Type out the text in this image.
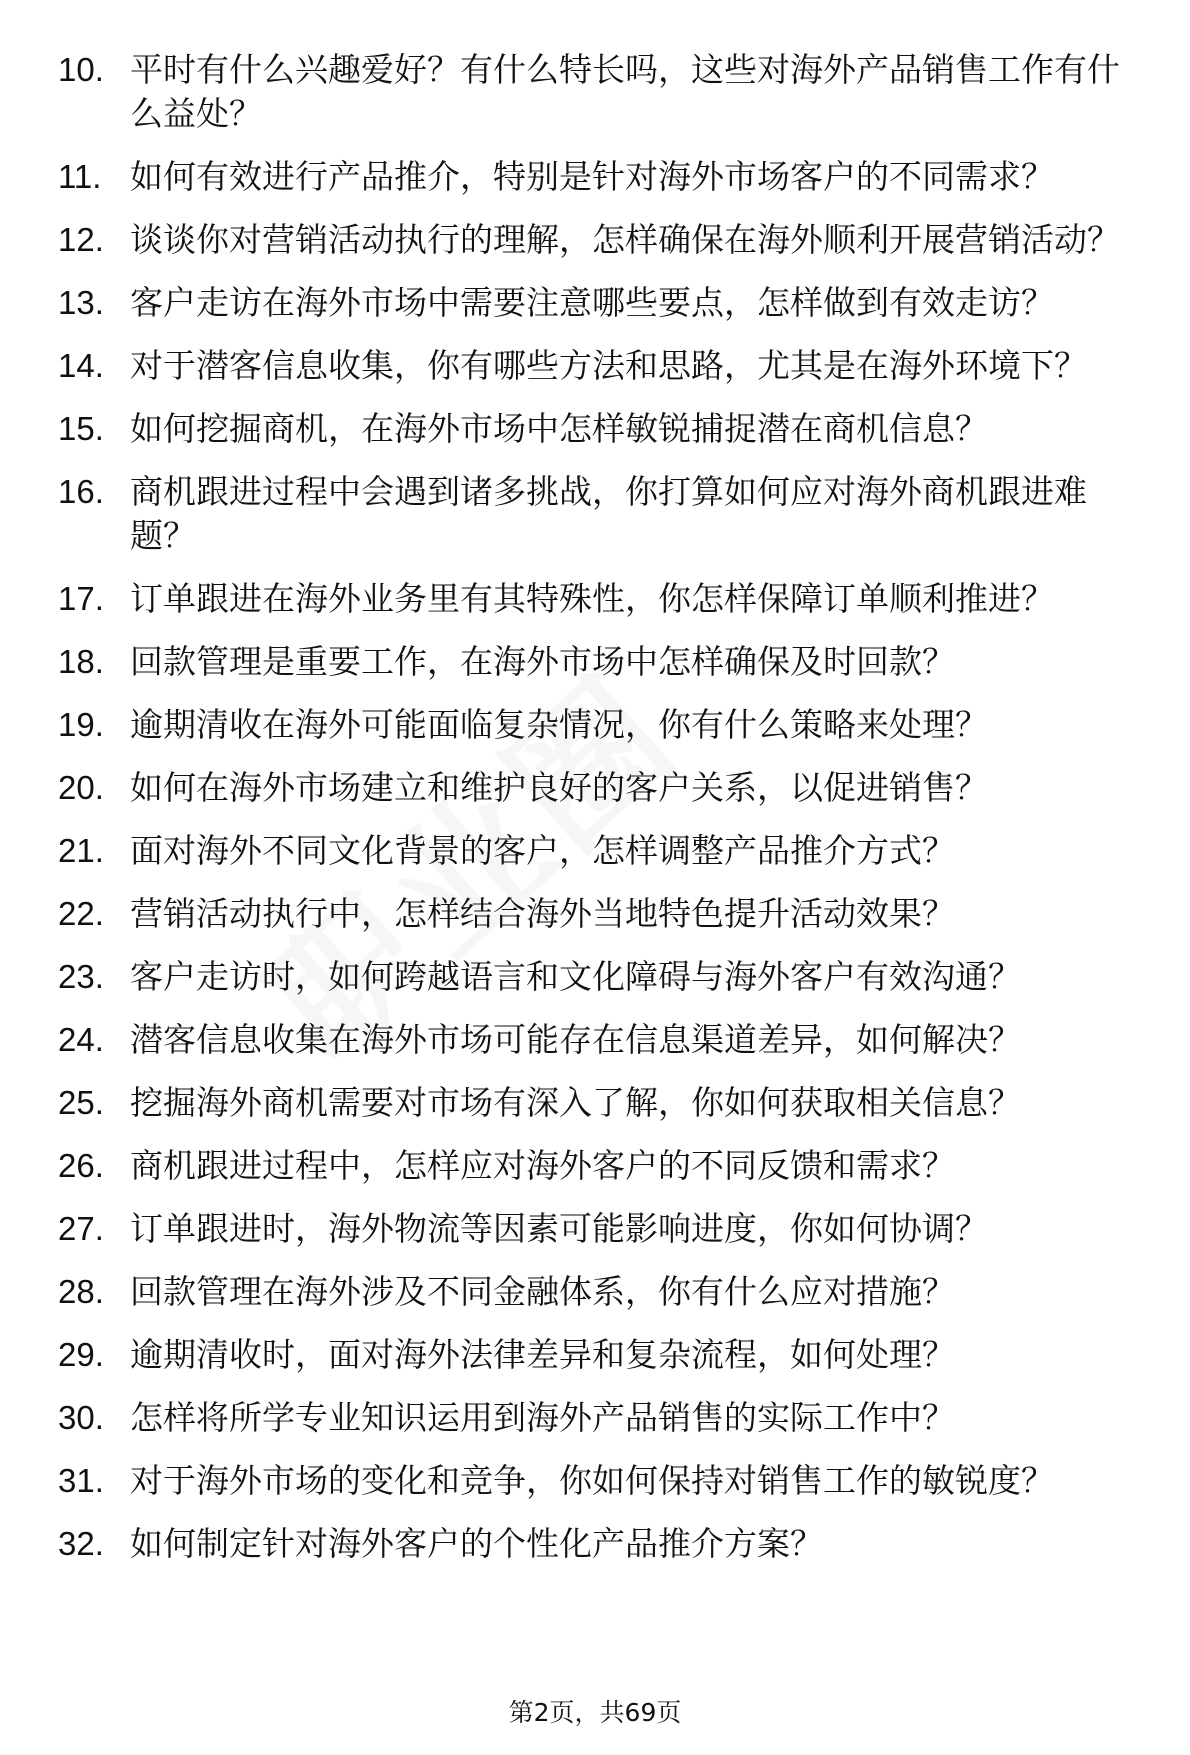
10. 平时有什么兴趣爱好？有什么特长吗，这些对海外产品销售工作有什么益处？
11. 如何有效进行产品推介，特别是针对海外市场客户的不同需求？
12. 谈谈你对营销活动执行的理解，怎样确保在海外顺利开展营销活动？
13. 客户走访在海外市场中需要注意哪些要点，怎样做到有效走访？
14. 对于潜客信息收集，你有哪些方法和思路，尤其是在海外环境下？
15. 如何挖掘商机，在海外市场中怎样敏锐捕捉潜在商机信息？
16. 商机跟进过程中会遇到诸多挑战，你打算如何应对海外商机跟进难题？
17. 订单跟进在海外业务里有其特殊性，你怎样保障订单顺利推进？
18. 回款管理是重要工作，在海外市场中怎样确保及时回款？
19. 逾期清收在海外可能面临复杂情况，你有什么策略来处理？
20. 如何在海外市场建立和维护良好的客户关系，以促进销售？
21. 面对海外不同文化背景的客户，怎样调整产品推介方式？
22. 营销活动执行中，怎样结合海外当地特色提升活动效果？
23. 客户走访时，如何跨越语言和文化障碍与海外客户有效沟通？
24. 潜客信息收集在海外市场可能存在信息渠道差异，如何解决？
25. 挖掘海外商机需要对市场有深入了解，你如何获取相关信息？
26. 商机跟进过程中，怎样应对海外客户的不同反馈和需求？
27. 订单跟进时，海外物流等因素可能影响进度，你如何协调？
28. 回款管理在海外涉及不同金融体系，你有什么应对措施？
29. 逾期清收时，面对海外法律差异和复杂流程，如何处理？
30. 怎样将所学专业知识运用到海外产品销售的实际工作中？
31. 对于海外市场的变化和竞争，你如何保持对销售工作的敏锐度？
32. 如何制定针对海外客户的个性化产品推介方案？
第2页，共69页
